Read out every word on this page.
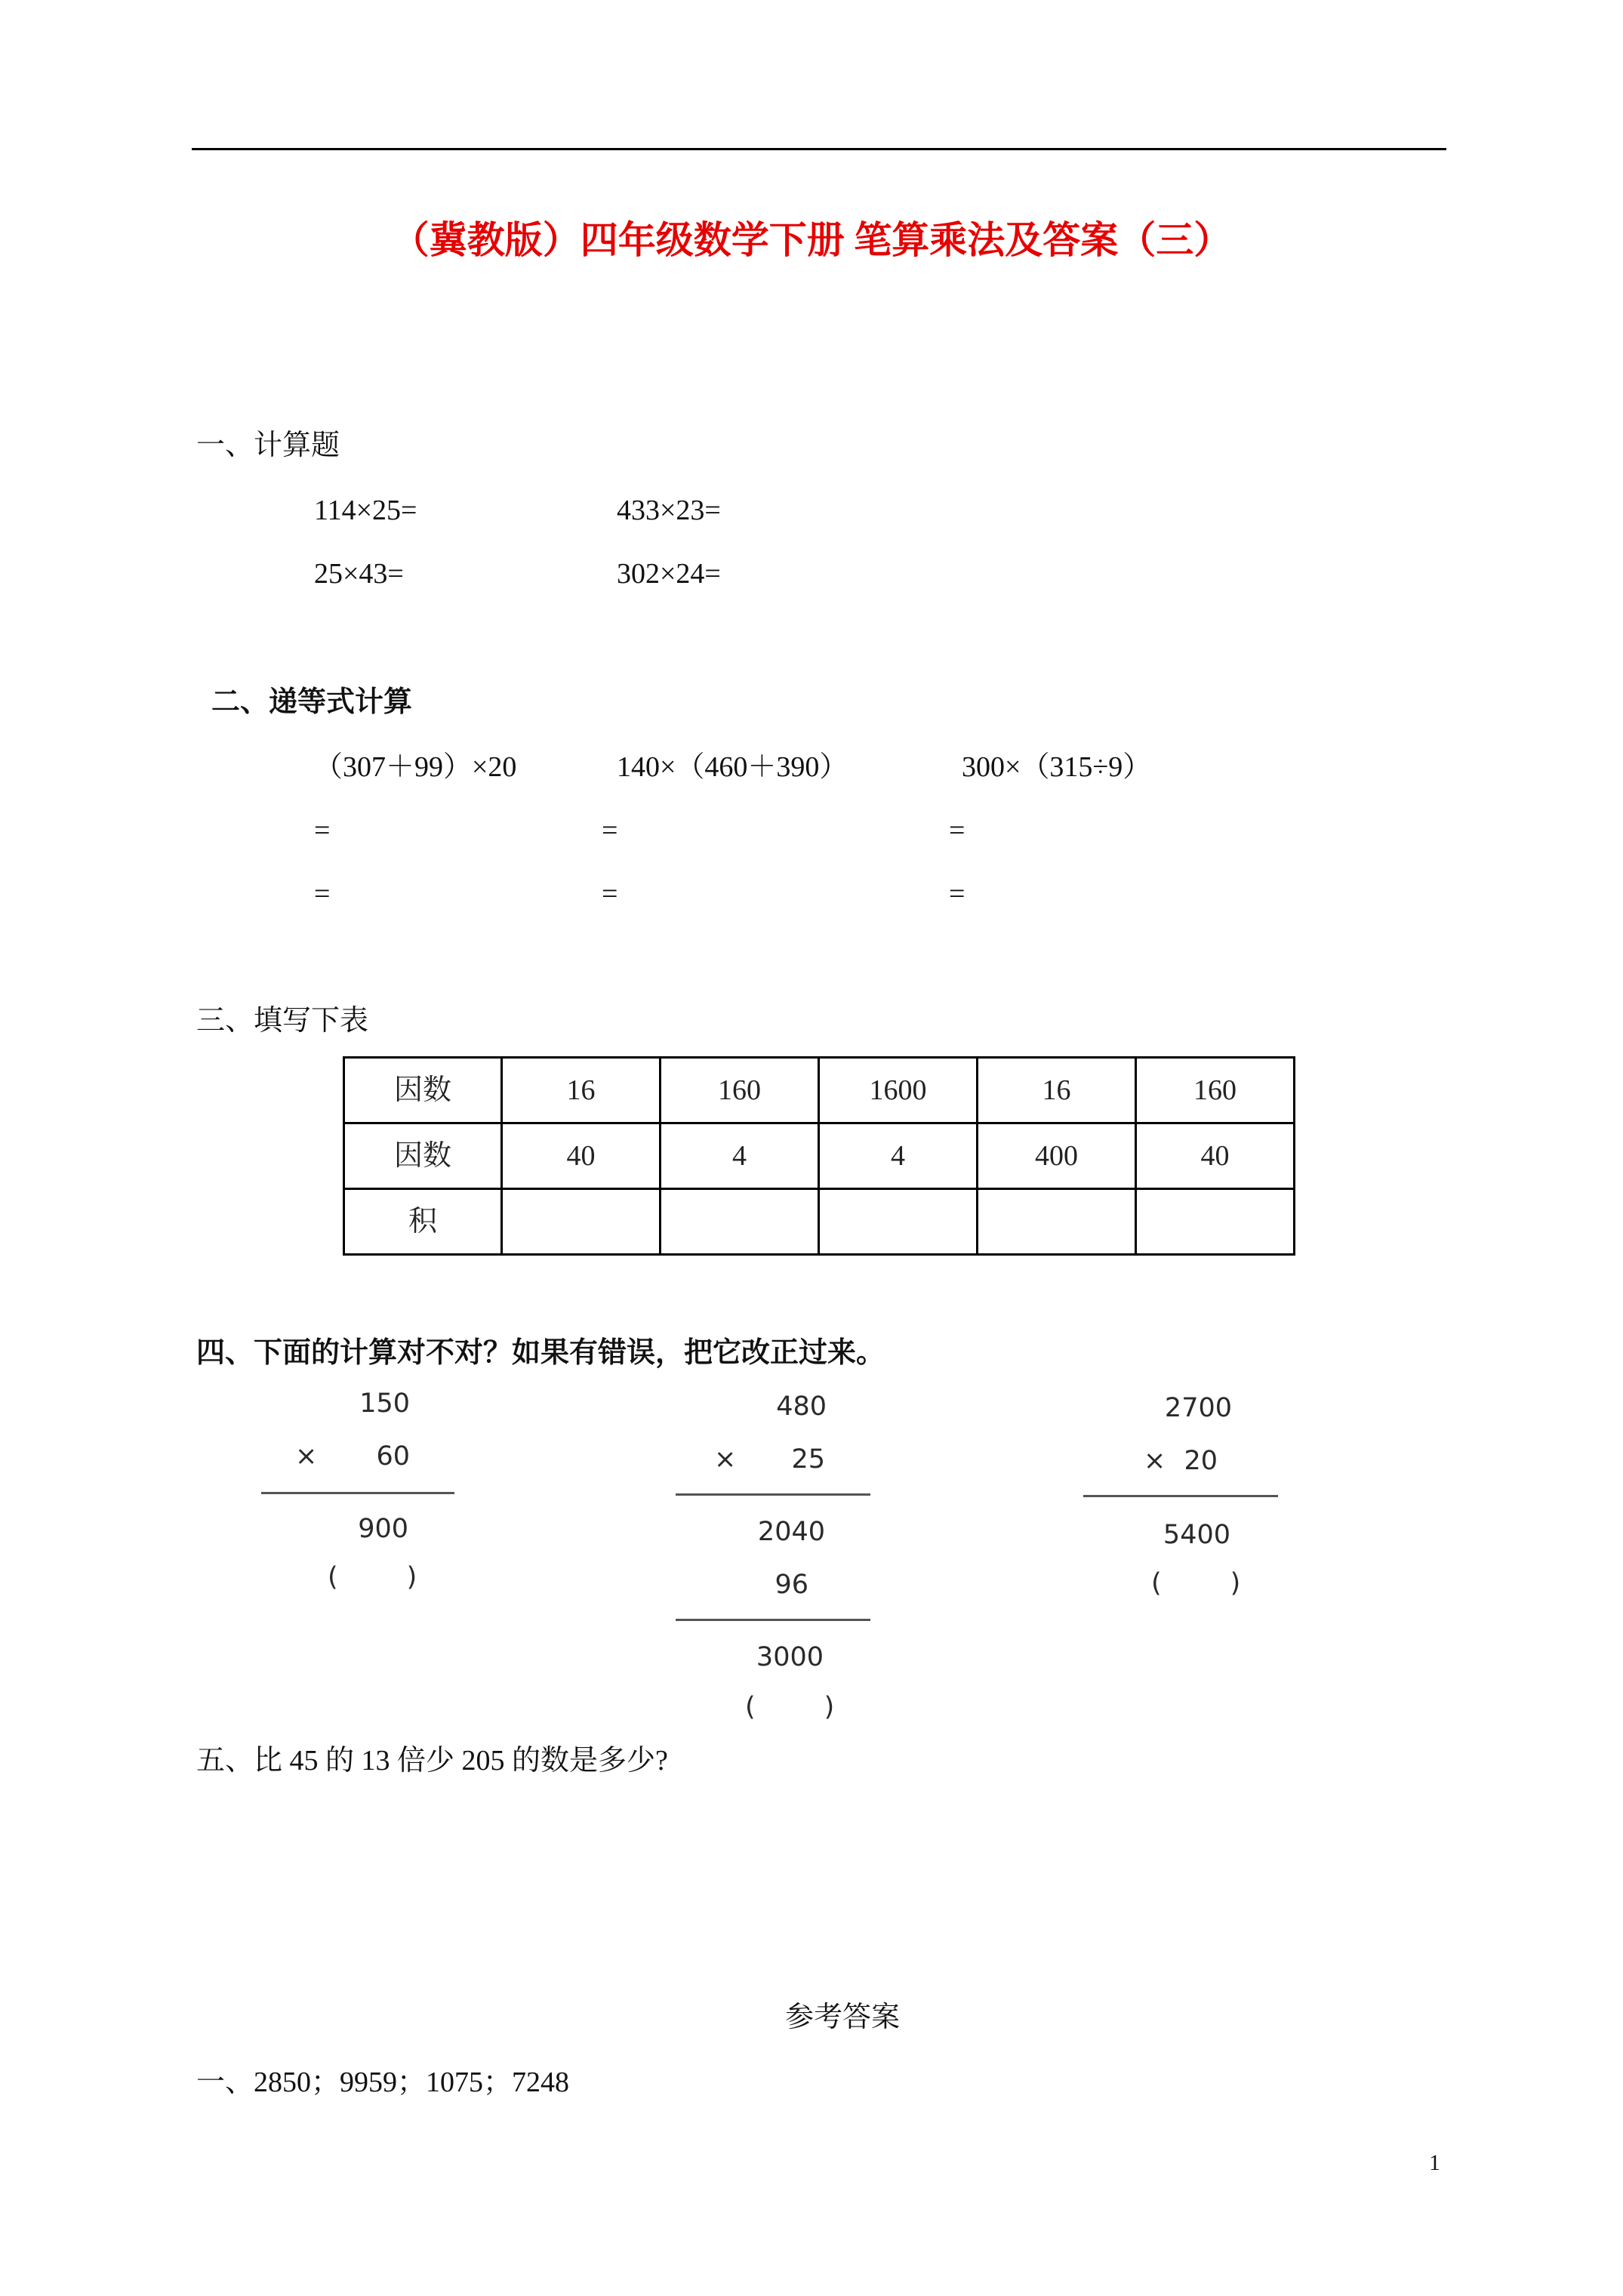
（冀教版）四年级数学下册 笔算乘法及答案（三）
一、计算题
114×25=	433×23=
25×43=	302×24=
二、递等式计算
（307＋99）×20	140×（460＋390）	300×（315÷9）
=	=	=
=	=	=
三、填写下表
因数	16	160	1600	16	160
因数	40	4	4	400	40
积					
四、下面的计算对不对？如果有错误，把它改正过来。
150
×	60
900
(　　)
480
×	25
2040
96
3000
(　　)
2700
× 20
5400
(　　)
五、比 45 的 13 倍少 205 的数是多少?
参考答案
一、2850；9959；1075；7248
1
